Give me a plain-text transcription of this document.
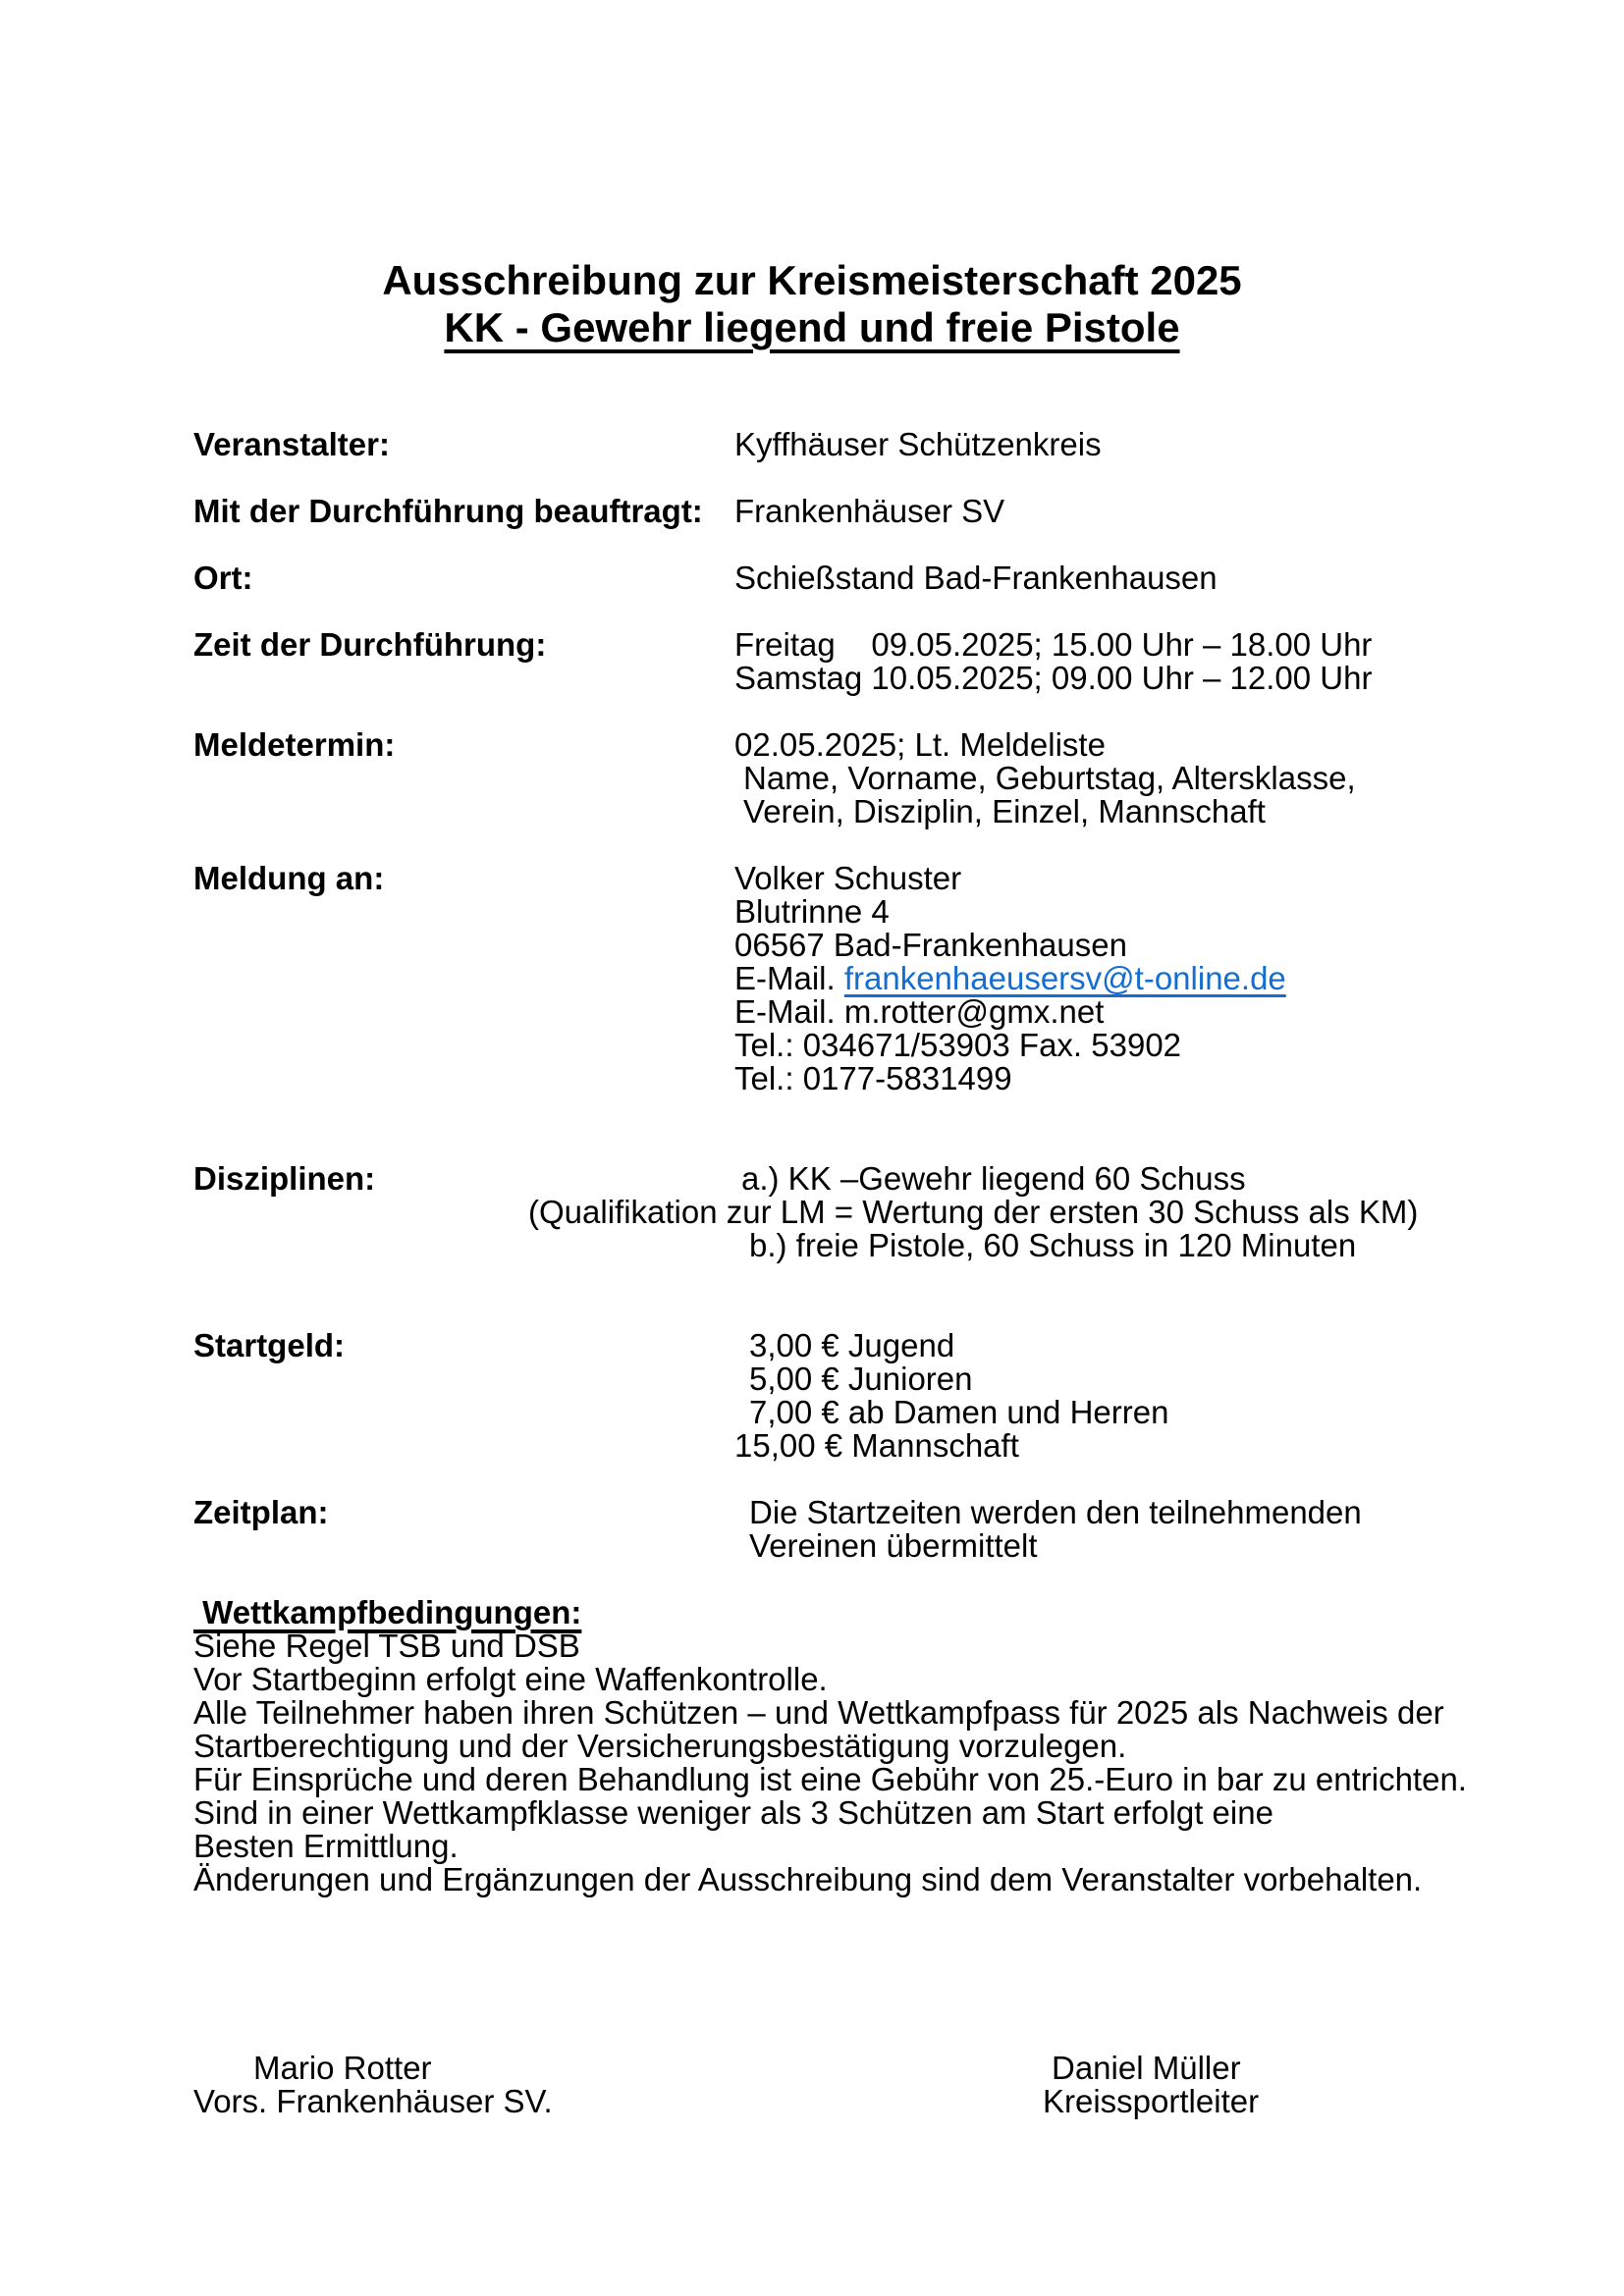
Ausschreibung zur Kreismeisterschaft 2025
KK - Gewehr liegend und freie Pistole
Veranstalter:	Kyffhäuser Schützenkreis
Mit der Durchführung beauftragt: Frankenhäuser SV
Ort:	Schießstand Bad-Frankenhausen
Zeit der Durchführung:	Freitag    09.05.2025; 15.00 Uhr – 18.00 Uhr
Samstag 10.05.2025; 09.00 Uhr – 12.00 Uhr
Meldetermin:	02.05.2025; Lt. Meldeliste
Name, Vorname, Geburtstag, Altersklasse,
Verein, Disziplin, Einzel, Mannschaft
Meldung an:	Volker Schuster
Blutrinne 4
06567 Bad-Frankenhausen
E-Mail. frankenhaeusersv@t-online.de
E-Mail. m.rotter@gmx.net
Tel.: 034671/53903 Fax. 53902
Tel.: 0177-5831499
Disziplinen:	a.) KK –Gewehr liegend 60 Schuss
(Qualifikation zur LM = Wertung der ersten 30 Schuss als KM)
b.) freie Pistole, 60 Schuss in 120 Minuten
Startgeld:	3,00 € Jugend
5,00 € Junioren
7,00 € ab Damen und Herren
15,00 € Mannschaft
Zeitplan:	Die Startzeiten werden den teilnehmenden
Vereinen übermittelt
Wettkampfbedingungen:
Siehe Regel TSB und DSB
Vor Startbeginn erfolgt eine Waffenkontrolle.
Alle Teilnehmer haben ihren Schützen – und Wettkampfpass für 2025 als Nachweis der
Startberechtigung und der Versicherungsbestätigung vorzulegen.
Für Einsprüche und deren Behandlung ist eine Gebühr von 25.-Euro in bar zu entrichten.
Sind in einer Wettkampfklasse weniger als 3 Schützen am Start erfolgt eine
Besten Ermittlung.
Änderungen und Ergänzungen der Ausschreibung sind dem Veranstalter vorbehalten.
Mario Rotter
Vors. Frankenhäuser SV.
Daniel Müller
Kreissportleiter
